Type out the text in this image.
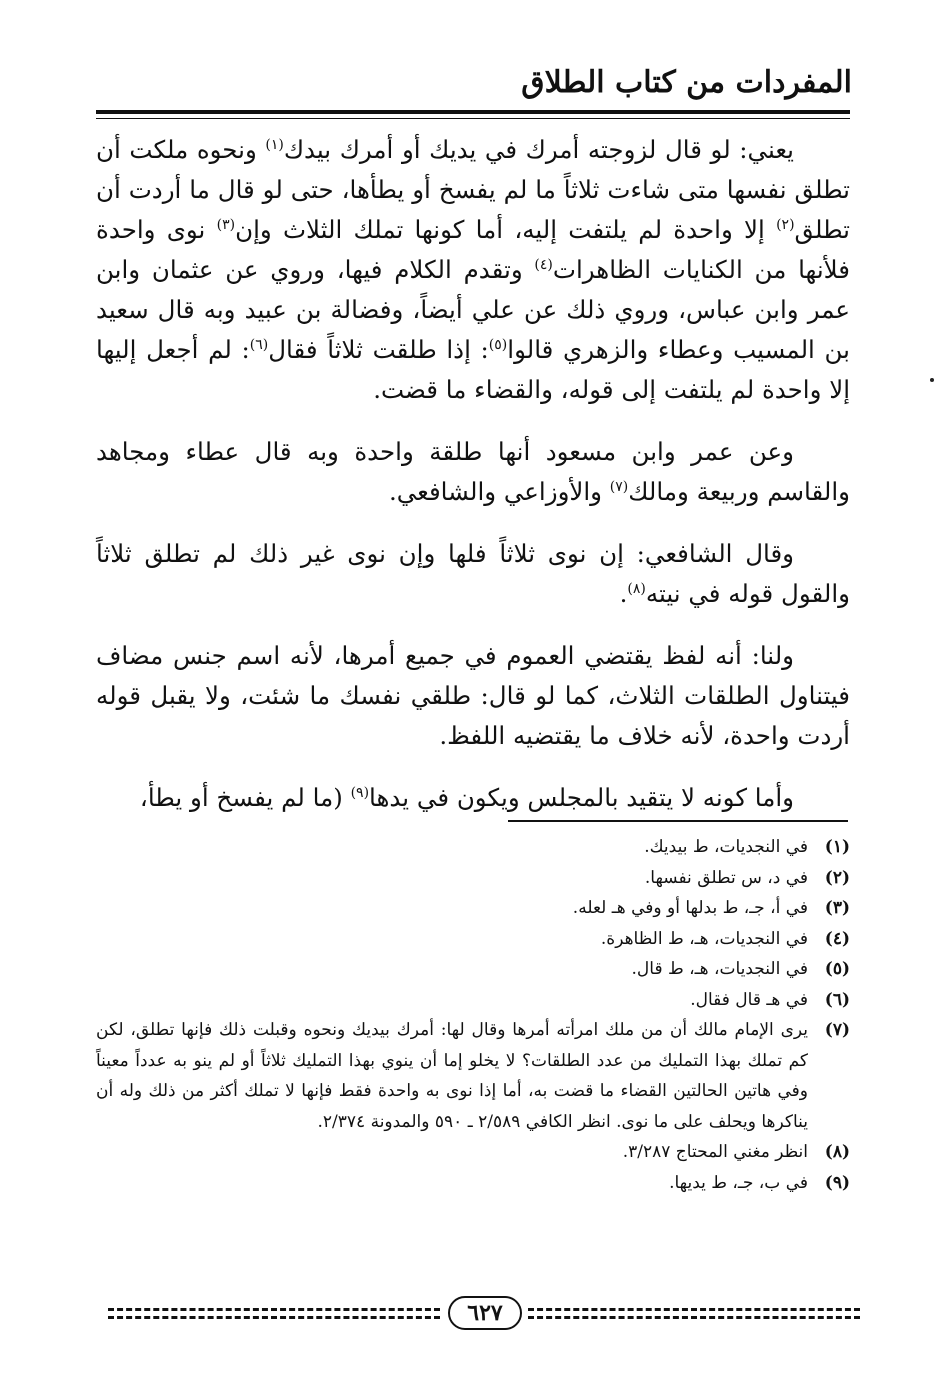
المفردات من كتاب الطلاق

يعني: لو قال لزوجته أمرك في يديك أو أمرك بيدك$^{(١)}$ ونحوه ملكت أن تطلق نفسها متى شاءت ثلاثاً ما لم يفسخ أو يطأها، حتى لو قال ما أردت أن تطلق$^{(٢)}$ إلا واحدة لم يلتفت إليه، أما كونها تملك الثلاث وإن$^{(٣)}$ نوى واحدة فلأنها من الكنايات الظاهرات$^{(٤)}$ وتقدم الكلام فيها، وروي عن عثمان وابن عمر وابن عباس، وروي ذلك عن علي أيضاً، وفضالة بن عبيد وبه قال سعيد بن المسيب وعطاء والزهري قالوا$^{(٥)}$: إذا طلقت ثلاثاً فقال$^{(٦)}$: لم أجعل إليها إلا واحدة لم يلتفت إلى قوله، والقضاء ما قضت.

وعن عمر وابن مسعود أنها طلقة واحدة وبه قال عطاء ومجاهد والقاسم وربيعة ومالك$^{(٧)}$ والأوزاعي والشافعي.

وقال الشافعي: إن نوى ثلاثاً فلها وإن نوى غير ذلك لم تطلق ثلاثاً والقول قوله في نيته$^{(٨)}$.

ولنا: أنه لفظ يقتضي العموم في جميع أمرها، لأنه اسم جنس مضاف فيتناول الطلقات الثلاث، كما لو قال: طلقي نفسك ما شئت، ولا يقبل قوله أردت واحدة، لأنه خلاف ما يقتضيه اللفظ.

وأما كونه لا يتقيد بالمجلس ويكون في يدها$^{(٩)}$ (ما لم يفسخ أو يطأ،

(١)
في النجديات، ط بيديك.
(٢)
في د، س تطلق نفسها.
(٣)
في أ، جـ، ط بدلها أو وفي هـ لعله.
(٤)
في النجديات، هـ، ط الظاهرة.
(٥)
في النجديات، هـ، ط قال.
(٦)
في هـ قال فقال.
(٧)
يرى الإمام مالك أن من ملك امرأته أمرها وقال لها: أمرك بيديك ونحوه وقبلت ذلك فإنها تطلق، لكن كم تملك بهذا التمليك من عدد الطلقات؟ لا يخلو إما أن ينوي بهذا التمليك ثلاثاً أو لم ينو به عدداً معيناً وفي هاتين الحالتين القضاء ما قضت به، أما إذا نوى به واحدة فقط فإنها لا تملك أكثر من ذلك وله أن يناكرها ويحلف على ما نوى. انظر الكافي ٢/٥٨٩ ـ ٥٩٠ والمدونة ٢/٣٧٤.
(٨)
انظر مغني المحتاج ٣/٢٨٧.
(٩)
في ب، جـ، ط يديها.
٦٢٧
